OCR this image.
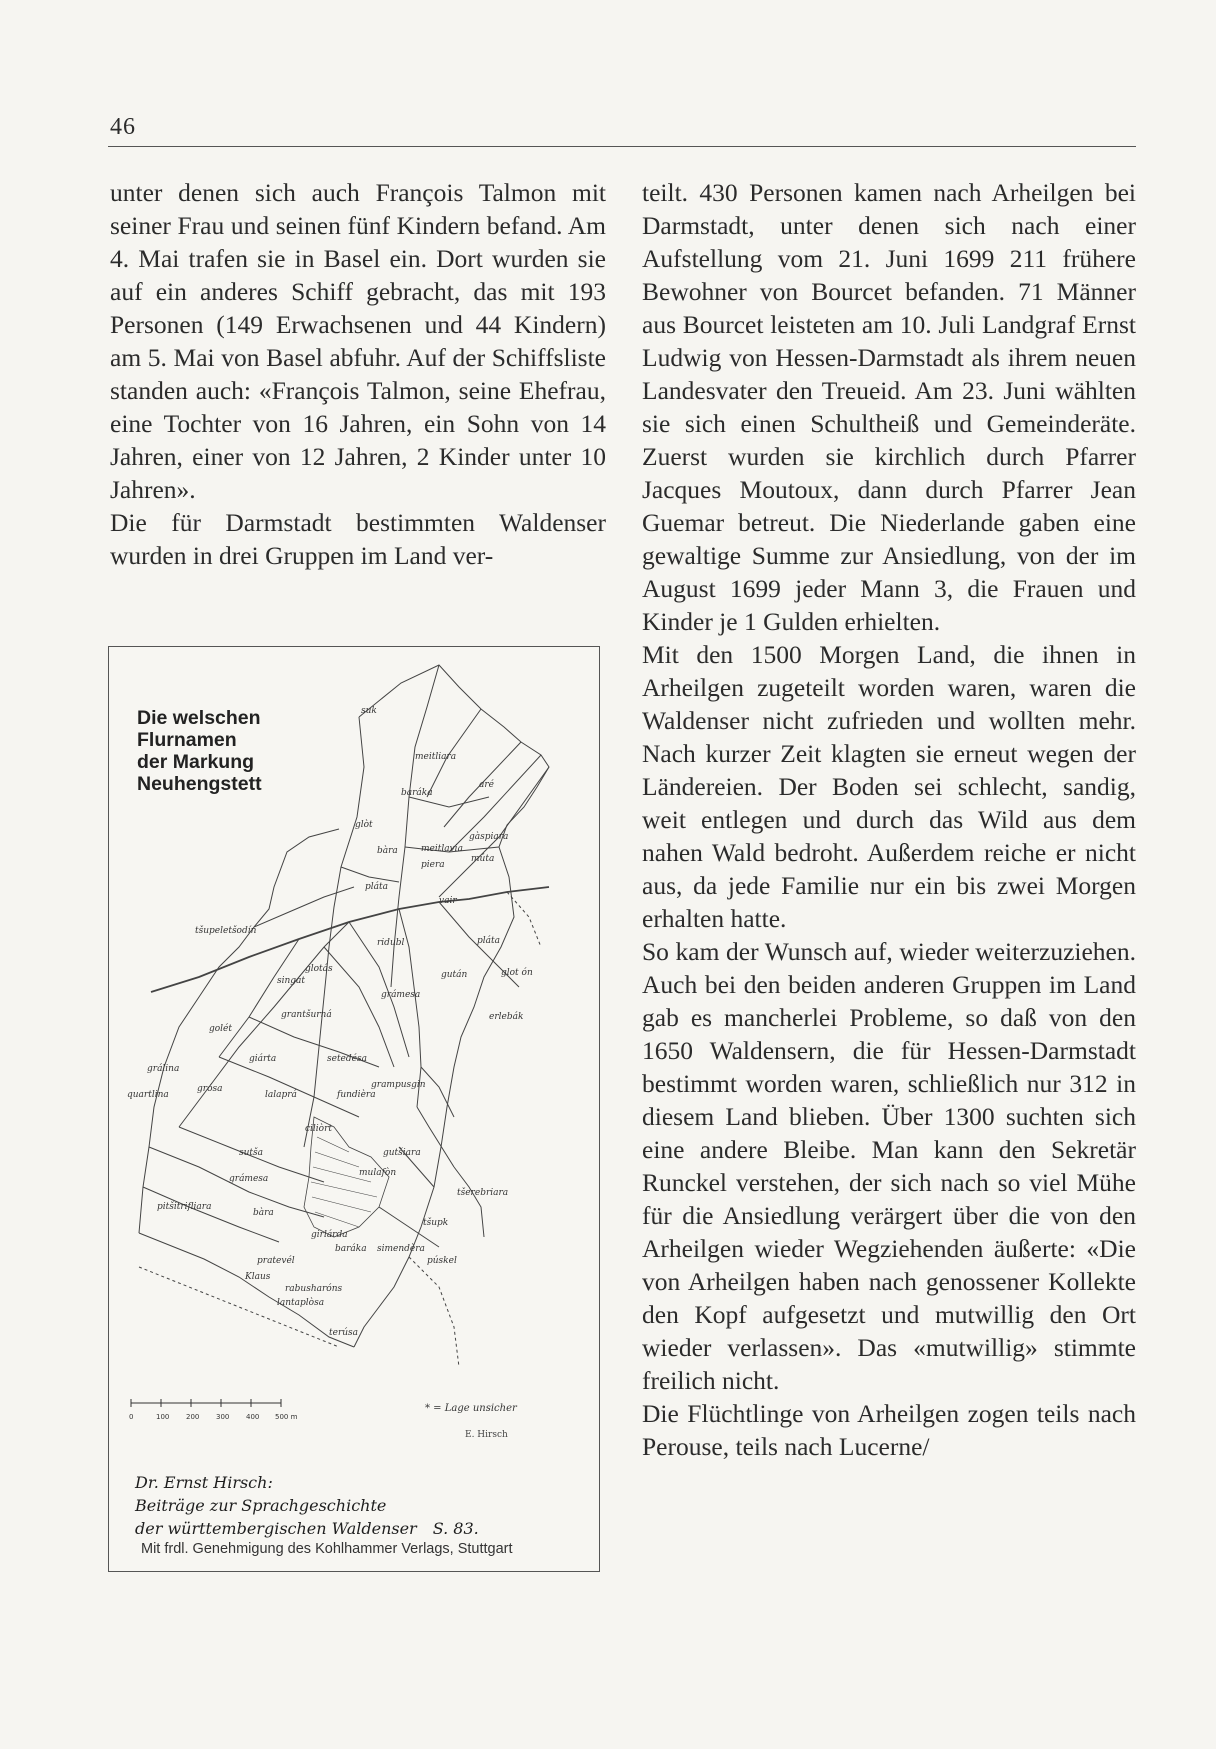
46

unter denen sich auch François Talmon mit seiner Frau und seinen fünf Kindern befand. Am 4. Mai trafen sie in Basel ein. Dort wurden sie auf ein anderes Schiff gebracht, das mit 193 Personen (149 Erwachsenen und 44 Kindern) am 5. Mai von Basel abfuhr. Auf der Schiffsliste standen auch: «François Talmon, seine Ehefrau, eine Tochter von 16 Jahren, ein Sohn von 14 Jahren, einer von 12 Jahren, 2 Kinder unter 10 Jahren».

Die für Darmstadt bestimmten Waldenser wurden in drei Gruppen im Land ver-

teilt. 430 Personen kamen nach Arheilgen bei Darmstadt, unter denen sich nach einer Aufstellung vom 21. Juni 1699 211 frühere Bewohner von Bourcet befanden. 71 Männer aus Bourcet leisteten am 10. Juli Landgraf Ernst Ludwig von Hessen-Darmstadt als ihrem neuen Landesvater den Treueid. Am 23. Juni wählten sie sich einen Schultheiß und Gemeinderäte. Zuerst wurden sie kirchlich durch Pfarrer Jacques Moutoux, dann durch Pfarrer Jean Guemar betreut. Die Niederlande gaben eine gewaltige Summe zur Ansiedlung, von der im August 1699 jeder Mann 3, die Frauen und Kinder je 1 Gulden erhielten.

Mit den 1500 Morgen Land, die ihnen in Arheilgen zugeteilt worden waren, waren die Waldenser nicht zufrieden und wollten mehr. Nach kurzer Zeit klagten sie erneut wegen der Ländereien. Der Boden sei schlecht, sandig, weit entlegen und durch das Wild aus dem nahen Wald bedroht. Außerdem reiche er nicht aus, da jede Familie nur ein bis zwei Morgen erhalten hatte.

So kam der Wunsch auf, wieder weiterzuziehen. Auch bei den beiden anderen Gruppen im Land gab es mancherlei Probleme, so daß von den 1650 Waldensern, die für Hessen-Darmstadt bestimmt worden waren, schließlich nur 312 in diesem Land blieben. Über 1300 suchten sich eine andere Bleibe. Man kann den Sekretär Runckel verstehen, der sich nach so viel Mühe für die Ansiedlung verärgert über die von den Arheilgen wieder Wegziehenden äußerte: «Die von Arheilgen haben nach genossener Kollekte den Kopf aufgesetzt und mutwillig den Ort wieder verlassen». Das «mutwillig» stimmte freilich nicht.

Die Flüchtlinge von Arheilgen zogen teils nach Perouse, teils nach Lucerne/

suk
meitliara
aré
baráka
glòt
gàspiara
bàra	meitlavia
piera
múta
pláta
vair
tšupeletšodín
ridubl	pláta
glotás
singát
gután	glot ón
grámesa
grantšurná	erlebák
golét
giárta	setedésa
grálina
grósa
quartlina	lalaprá	fundièra
grampusgin
ciliòrt
sutša	gutšiara
grámesa
mulafòn
pitšitrifliara
tšerebriara
bàra
tšupk
girlárda
baráka simendèra
pratevél	púskel
Klaus
rabusharóns
lantaplòsa
terúsa
Die welschen
Flurnamen
der Markung
Neuhengstett
0	100 200 300 400 500 m
* = Lage unsicher
E. Hirsch
Dr. Ernst Hirsch:
Beiträge zur Sprachgeschichte
der württembergischen Waldenser S. 83.
Mit frdl. Genehmigung des Kohlhammer Verlags, Stuttgart
